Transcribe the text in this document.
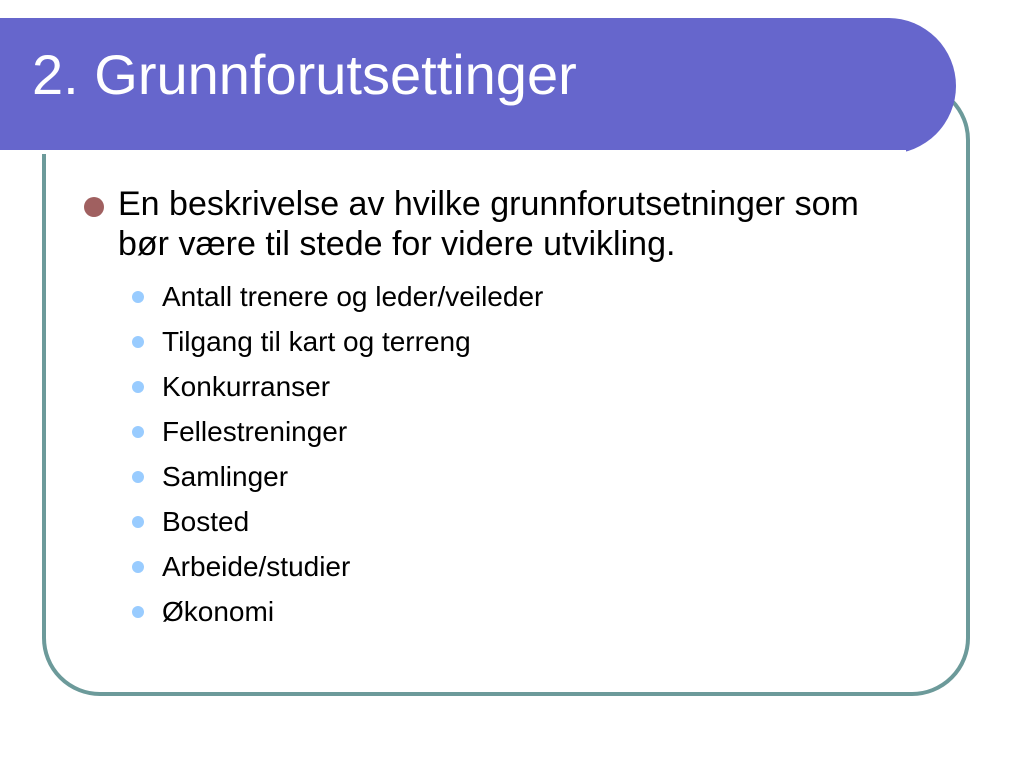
2. Grunnforutsettinger
En beskrivelse av hvilke grunnforutsetninger som bør være til stede for videre utvikling.
Antall trenere og leder/veileder
Tilgang til kart og terreng
Konkurranser
Fellestreninger
Samlinger
Bosted
Arbeide/studier
Økonomi
